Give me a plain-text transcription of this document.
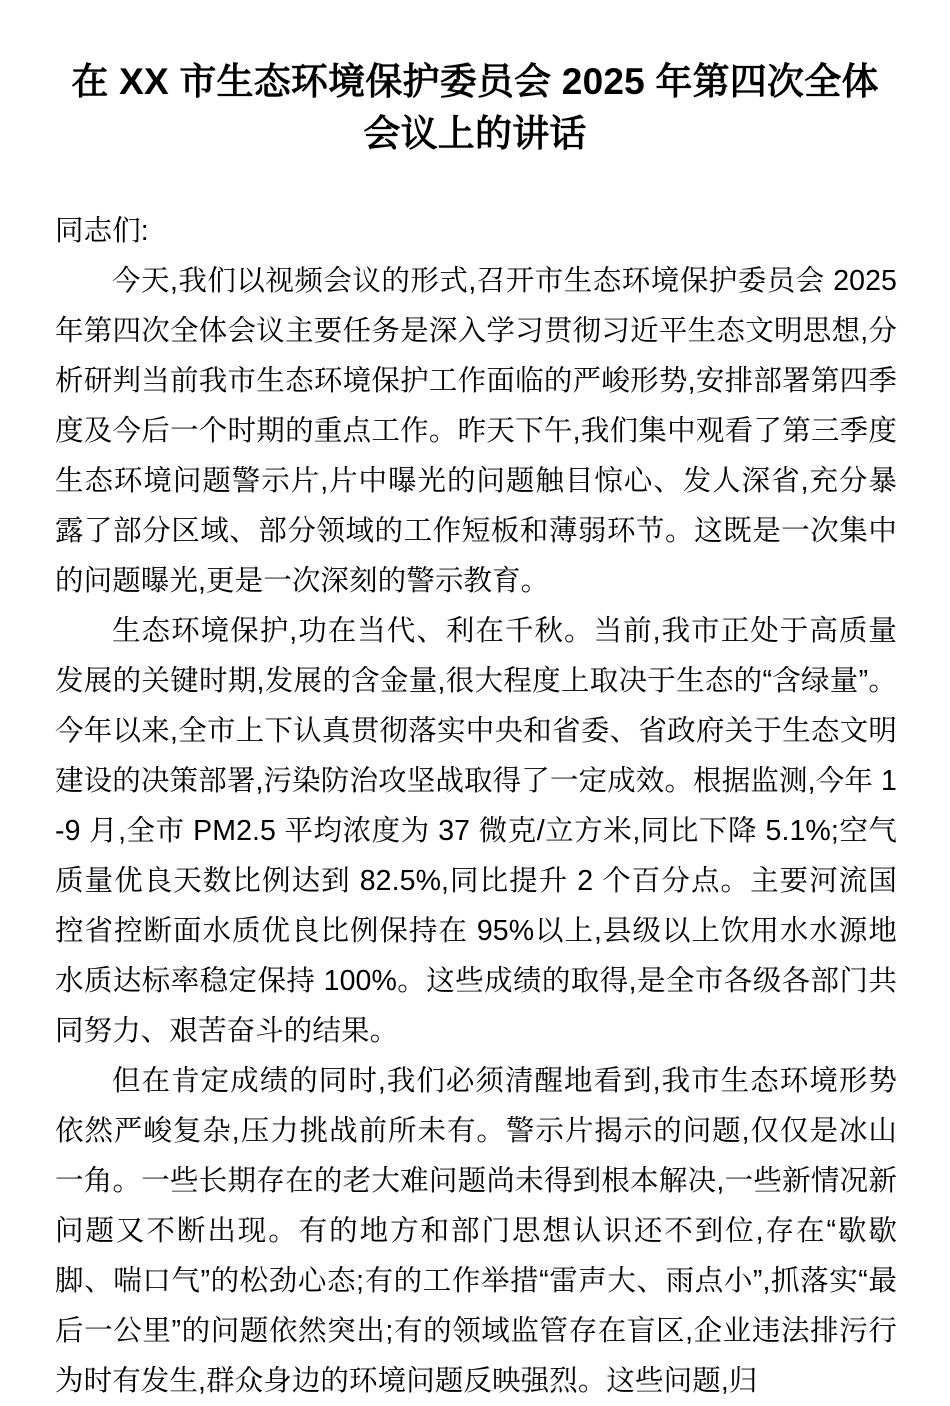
在 XX 市生态环境保护委员会 2025 年第四次全体会议上的讲话

同志们:

今天,我们以视频会议的形式,召开市生态环境保护委员会 2025 年第四次全体会议主要任务是深入学习贯彻习近平生态文明思想,分析研判当前我市生态环境保护工作面临的严峻形势,安排部署第四季度及今后一个时期的重点工作。昨天下午,我们集中观看了第三季度生态环境问题警示片,片中曝光的问题触目惊心、发人深省,充分暴露了部分区域、部分领域的工作短板和薄弱环节。这既是一次集中的问题曝光,更是一次深刻的警示教育。

生态环境保护,功在当代、利在千秋。当前,我市正处于高质量发展的关键时期,发展的含金量,很大程度上取决于生态的“含绿量”。今年以来,全市上下认真贯彻落实中央和省委、省政府关于生态文明建设的决策部署,污染防治攻坚战取得了一定成效。根据监测,今年 1-9 月,全市 PM2.5 平均浓度为 37 微克/立方米,同比下降 5.1%;空气质量优良天数比例达到 82.5%,同比提升 2 个百分点。主要河流国控省控断面水质优良比例保持在 95%以上,县级以上饮用水水源地水质达标率稳定保持 100%。这些成绩的取得,是全市各级各部门共同努力、艰苦奋斗的结果。

但在肯定成绩的同时,我们必须清醒地看到,我市生态环境形势依然严峻复杂,压力挑战前所未有。警示片揭示的问题,仅仅是冰山一角。一些长期存在的老大难问题尚未得到根本解决,一些新情况新问题又不断出现。有的地方和部门思想认识还不到位,存在“歇歇脚、喘口气”的松劲心态;有的工作举措“雷声大、雨点小”,抓落实“最后一公里”的问题依然突出;有的领域监管存在盲区,企业违法排污行为时有发生,群众身边的环境问题反映强烈。这些问题,归
